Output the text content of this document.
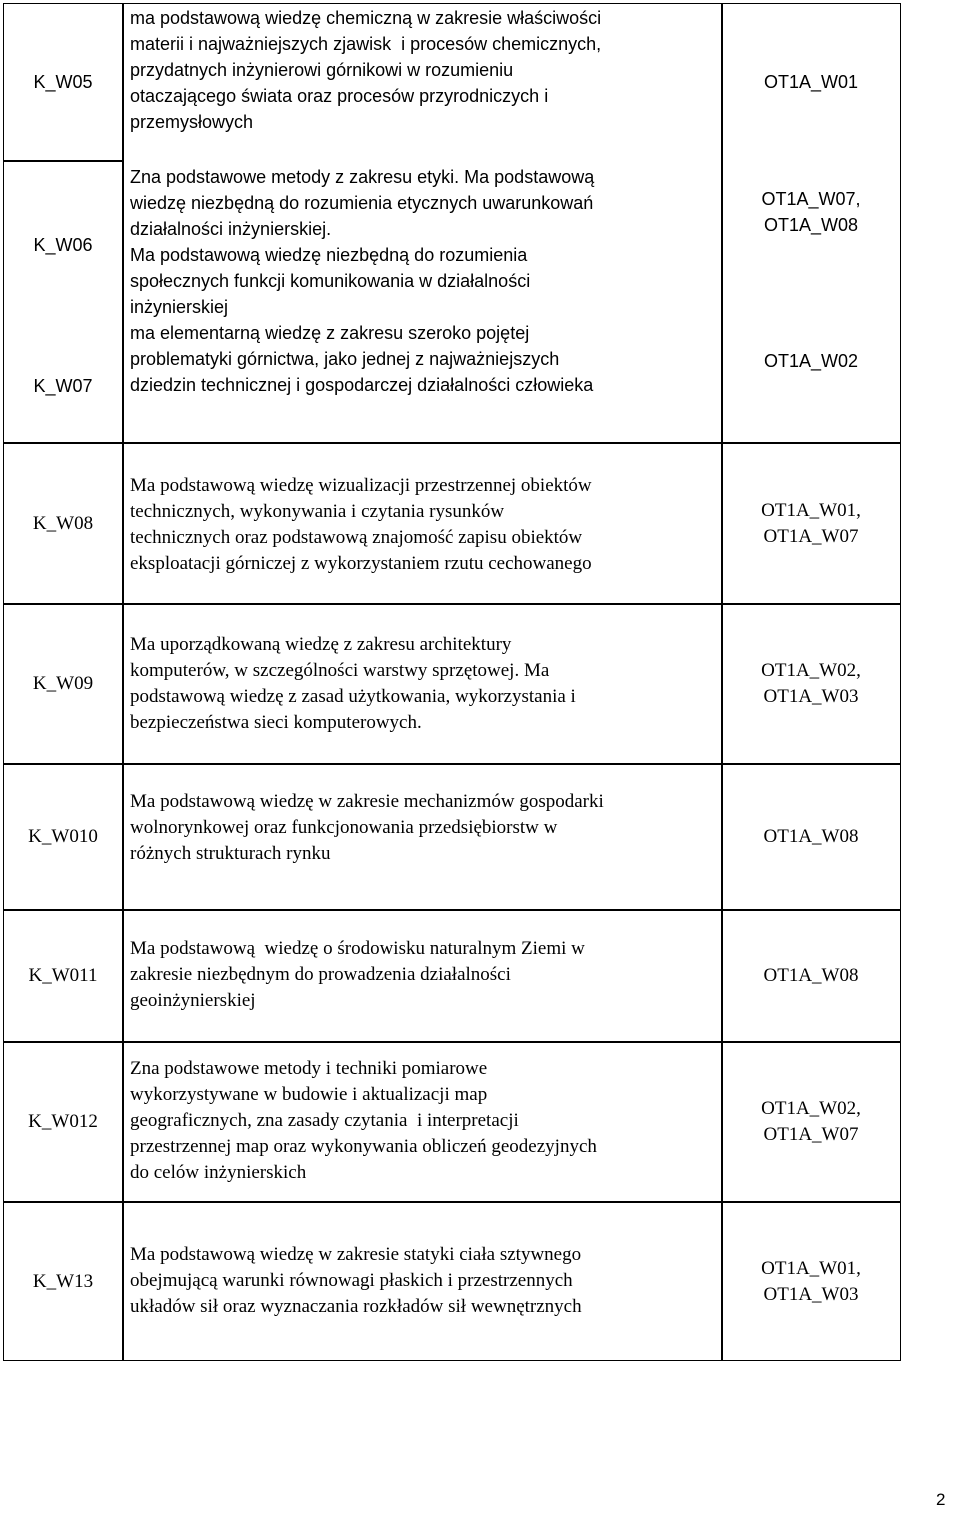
K_W05
ma podstawową wiedzę chemiczną w zakresie właściwości
materii i najważniejszych zjawisk  i procesów chemicznych,
przydatnych inżynierowi górnikowi w rozumieniu
otaczającego świata oraz procesów przyrodniczych i
przemysłowych
OT1A_W01
K_W06
Zna podstawowe metody z zakresu etyki. Ma podstawową
wiedzę niezbędną do rozumienia etycznych uwarunkowań
działalności inżynierskiej.
Ma podstawową wiedzę niezbędną do rozumienia
społecznych funkcji komunikowania w działalności
inżynierskiej
OT1A_W07,
OT1A_W08
K_W07
ma elementarną wiedzę z zakresu szeroko pojętej
problematyki górnictwa, jako jednej z najważniejszych
dziedzin technicznej i gospodarczej działalności człowieka
OT1A_W02
K_W08
Ma podstawową wiedzę wizualizacji przestrzennej obiektów
technicznych, wykonywania i czytania rysunków
technicznych oraz podstawową znajomość zapisu obiektów
eksploatacji górniczej z wykorzystaniem rzutu cechowanego
OT1A_W01,
OT1A_W07
K_W09
Ma uporządkowaną wiedzę z zakresu architektury
komputerów, w szczególności warstwy sprzętowej. Ma
podstawową wiedzę z zasad użytkowania, wykorzystania i
bezpieczeństwa sieci komputerowych.
OT1A_W02,
OT1A_W03
K_W010
Ma podstawową wiedzę w zakresie mechanizmów gospodarki
wolnorynkowej oraz funkcjonowania przedsiębiorstw w
różnych strukturach rynku
OT1A_W08
K_W011
Ma podstawową  wiedzę o środowisku naturalnym Ziemi w
zakresie niezbędnym do prowadzenia działalności
geoinżynierskiej
OT1A_W08
K_W012
Zna podstawowe metody i techniki pomiarowe
wykorzystywane w budowie i aktualizacji map
geograficznych, zna zasady czytania  i interpretacji
przestrzennej map oraz wykonywania obliczeń geodezyjnych
do celów inżynierskich
OT1A_W02,
OT1A_W07
K_W13
Ma podstawową wiedzę w zakresie statyki ciała sztywnego
obejmującą warunki równowagi płaskich i przestrzennych
układów sił oraz wyznaczania rozkładów sił wewnętrznych
OT1A_W01,
OT1A_W03
2
